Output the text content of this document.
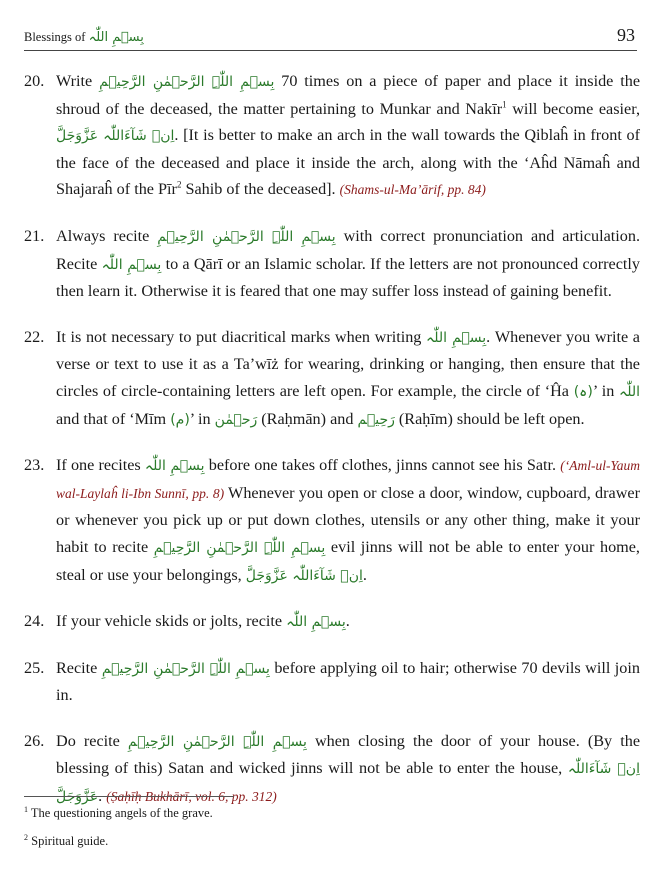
Blessings of بِسۡمِ اللّٰہ	93
20. Write بِسۡمِ اللّٰہِ الرَّحۡمٰنِ الرَّحِیۡمِ 70 times on a piece of paper and place it inside the shroud of the deceased, the matter pertaining to Munkar and Nakīr$^1$ will become easier, اِنۡ شَآءَاللّٰہ عَزَّوَجَلَّ. [It is better to make an arch in the wall towards the Qiblaĥ in front of the face of the deceased and place it inside the arch, along with the ‘Aĥd Nāmaĥ and Shajaraĥ of the Pīr$^2$ Sahib of the deceased]. (Shams-ul-Ma’ārif, pp. 84)
21. Always recite بِسۡمِ اللّٰہِ الرَّحۡمٰنِ الرَّحِیۡمِ with correct pronunciation and articulation. Recite بِسۡمِ اللّٰہ to a Qārī or an Islamic scholar. If the letters are not pronounced correctly then learn it. Otherwise it is feared that one may suffer loss instead of gaining benefit.
22. It is not necessary to put diacritical marks when writing بِسۡمِ اللّٰہ. Whenever you write a verse or text to use it as a Ta’wīż for wearing, drinking or hanging, then ensure that the circles of circle-containing letters are left open. For example, the circle of ‘Ĥa (ہ)’ in اللّٰہ and that of ‘Mīm (م)’ in رَحۡمٰن (Raḥmān) and رَحِیۡم (Raḥīm) should be left open.
23. If one recites بِسۡمِ اللّٰہ before one takes off clothes, jinns cannot see his Satr. (‘Aml-ul-Yaum wal-Laylaĥ li-Ibn Sunnī, pp. 8) Whenever you open or close a door, window, cupboard, drawer or whenever you pick up or put down clothes, utensils or any other thing, make it your habit to recite بِسۡمِ اللّٰہِ الرَّحۡمٰنِ الرَّحِیۡمِ evil jinns will not be able to enter your home, steal or use your belongings, اِنۡ شَآءَاللّٰہ عَزَّوَجَلَّ.
24. If your vehicle skids or jolts, recite بِسۡمِ اللّٰہ.
25. Recite بِسۡمِ اللّٰہِ الرَّحۡمٰنِ الرَّحِیۡمِ before applying oil to hair; otherwise 70 devils will join in.
26. Do recite بِسۡمِ اللّٰہِ الرَّحۡمٰنِ الرَّحِیۡمِ when closing the door of your house. (By the blessing of this) Satan and wicked jinns will not be able to enter the house, اِنۡ شَآءَاللّٰہ عَزَّوَجَلَّ. (Ṣaḥīḥ Bukhārī, vol. 6, pp. 312)
$^1$ The questioning angels of the grave.
$^2$ Spiritual guide.
